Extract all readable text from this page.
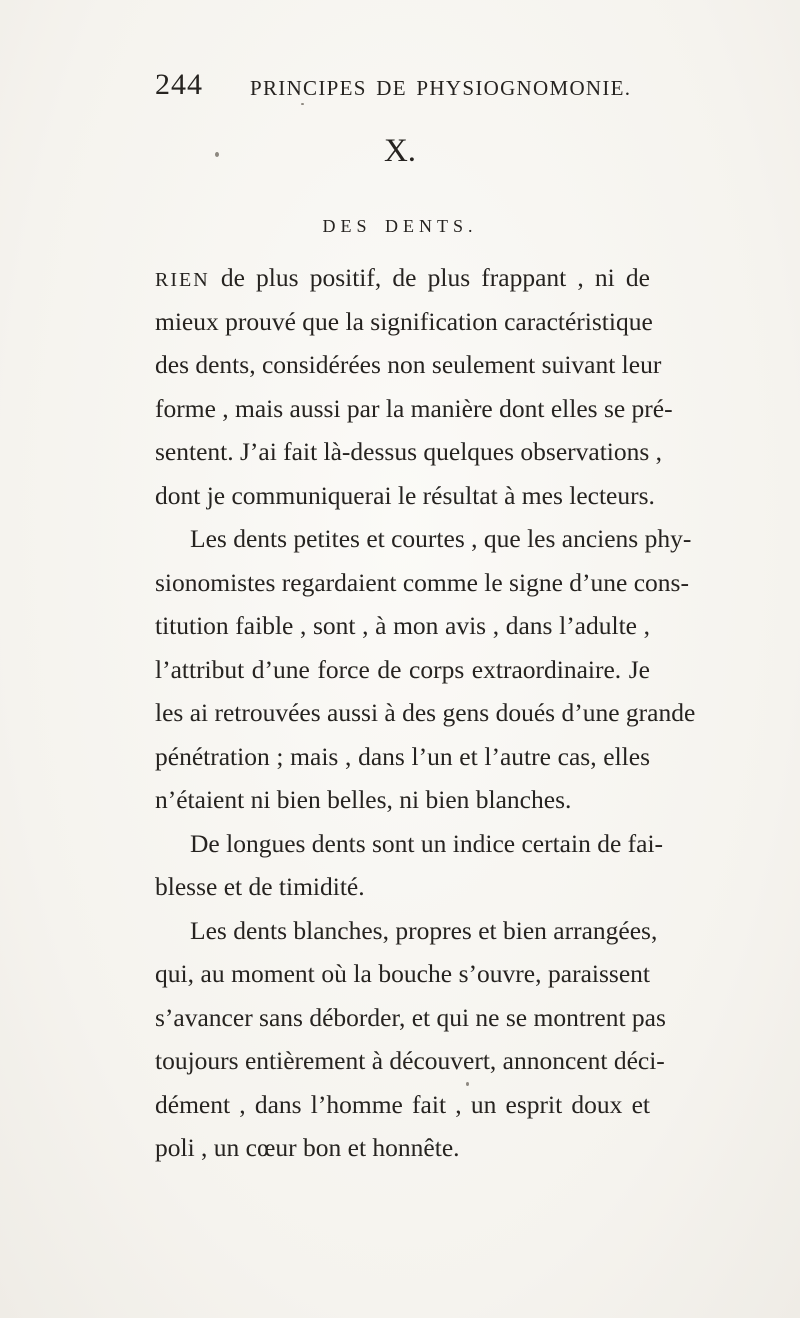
244 PRINCIPES DE PHYSIOGNOMONIE.
X.
DES DENTS.
RIEN de plus positif, de plus frappant , ni de
mieux prouvé que la signification caractéristique
des dents, considérées non seulement suivant leur
forme , mais aussi par la manière dont elles se pré-
sentent. J’ai fait là-dessus quelques observations ,
dont je communiquerai le résultat à mes lecteurs.
Les dents petites et courtes , que les anciens phy-
sionomistes regardaient comme le signe d’une cons-
titution faible , sont , à mon avis , dans l’adulte ,
l’attribut d’une force de corps extraordinaire. Je
les ai retrouvées aussi à des gens doués d’une grande
pénétration ; mais , dans l’un et l’autre cas, elles
n’étaient ni bien belles, ni bien blanches.
De longues dents sont un indice certain de fai-
blesse et de timidité.
Les dents blanches, propres et bien arrangées,
qui, au moment où la bouche s’ouvre, paraissent
s’avancer sans déborder, et qui ne se montrent pas
toujours entièrement à découvert, annoncent déci-
dément , dans l’homme fait , un esprit doux et
poli , un cœur bon et honnête.
